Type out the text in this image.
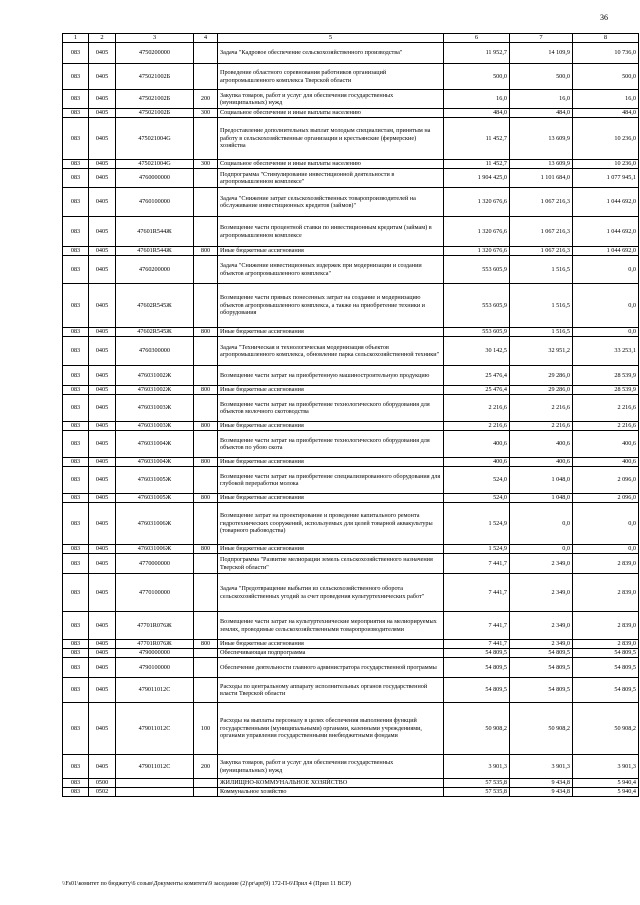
36
1	2	3	4	5	6	7	8
083	0405	4750200000		Задача "Кадровое обеспечение сельскохозяйственного производства"	11 952,7	14 109,9	10 736,0
083	0405	475021002Б		Проведение областного соревнования работников организаций агропромышленного комплекса Тверской области	500,0	500,0	500,0
083	0405	475021002Б	200	Закупка товаров, работ и услуг для обеспечения государственных (муниципальных) нужд	16,0	16,0	16,0
083	0405	475021002Б	300	Социальное обеспечение и иные выплаты населению	484,0	484,0	484,0
083	0405	475021004G		Предоставление дополнительных выплат молодым специалистам, принятым на работу в сельскохозяйственные организации и крестьянские (фермерские) хозяйства	11 452,7	13 609,9	10 236,0
083	0405	475021004G	300	Социальное обеспечение и иные выплаты населению	11 452,7	13 609,9	10 236,0
083	0405	4760000000		Подпрограмма "Стимулирование инвестиционной деятельности в агропромышленном комплексе"	1 904 425,0	1 101 684,0	1 077 945,1
083	0405	4760100000		Задача "Снижение затрат сельскохозяйственных товаропроизводителей на обслуживание инвестиционных кредитов (займов)"	1 320 676,6	1 067 216,3	1 044 692,0
083	0405	47601R544Ж		Возмещение части процентной ставки по инвестиционным кредитам (займам) в агропромышленном комплексе	1 320 676,6	1 067 216,3	1 044 692,0
083	0405	47601R544Ж	800	Иные бюджетные ассигнования	1 320 676,6	1 067 216,3	1 044 692,0
083	0405	4760200000		Задача "Снижение инвестиционных издержек при модернизации и создании объектов агропромышленного комплекса"	553 605,9	1 516,5	0,0
083	0405	47602R545Ж		Возмещение части прямых понесенных затрат на создание и модернизацию объектов агропромышленного комплекса, а также на приобретение техники и оборудования	553 605,9	1 516,5	0,0
083	0405	47602R545Ж	800	Иные бюджетные ассигнования	553 605,9	1 516,5	0,0
083	0405	4760300000		Задача "Техническая и технологическая модернизация объектов агропромышленного комплекса, обновление парка сельскохозяйственной техники"	30 142,5	32 951,2	33 253,1
083	0405	476031002Ж		Возмещение части затрат на приобретенную машиностроительную продукцию	25 476,4	29 286,0	28 539,9
083	0405	476031002Ж	800	Иные бюджетные ассигнования	25 476,4	29 286,0	28 539,9
083	0405	476031003Ж		Возмещение части затрат на приобретение технологического оборудования для объектов молочного скотоводства	2 216,6	2 216,6	2 216,6
083	0405	476031003Ж	800	Иные бюджетные ассигнования	2 216,6	2 216,6	2 216,6
083	0405	476031004Ж		Возмещение части затрат на приобретение технологического оборудования для объектов по убою скота	400,6	400,6	400,6
083	0405	476031004Ж	800	Иные бюджетные ассигнования	400,6	400,6	400,6
083	0405	476031005Ж		Возмещение части затрат на приобретение специализированного оборудования для глубокой переработки молока	524,0	1 048,0	2 096,0
083	0405	476031005Ж	800	Иные бюджетные ассигнования	524,0	1 048,0	2 096,0
083	0405	476031006Ж		Возмещение затрат на проектирование и проведение капитального ремонта гидротехнических сооружений, используемых для целей товарной аквакультуры (товарного рыбоводства)	1 524,9	0,0	0,0
083	0405	476031006Ж	800	Иные бюджетные ассигнования	1 524,9	0,0	0,0
083	0405	4770000000		Подпрограмма "Развитие мелиорации земель сельскохозяйственного назначения Тверской области"	7 441,7	2 349,0	2 839,0
083	0405	4770100000		Задача "Предотвращение выбытия из сельскохозяйственного оборота сельскохозяйственных угодий за счет проведения культуртехнических работ"	7 441,7	2 349,0	2 839,0
083	0405	47701R076Ж		Возмещение части затрат на культуртехнические мероприятия на мелиорируемых землях, проводимые сельскохозяйственными товаропроизводителями	7 441,7	2 349,0	2 839,0
083	0405	47701R076Ж	800	Иные бюджетные ассигнования	7 441,7	2 349,0	2 839,0
083	0405	4790000000		Обеспечивающая подпрограмма	54 809,5	54 809,5	54 809,5
083	0405	4790100000		Обеспечение деятельности главного администратора государственной программы	54 809,5	54 809,5	54 809,5
083	0405	479011012С		Расходы по центральному аппарату исполнительных органов государственной власти Тверской области	54 809,5	54 809,5	54 809,5
083	0405	479011012С	100	Расходы на выплаты персоналу в целях обеспечения выполнения функций государственными (муниципальными) органами, казенными учреждениями, органами управления государственными внебюджетными фондами	50 908,2	50 908,2	50 908,2
083	0405	479011012С	200	Закупка товаров, работ и услуг для обеспечения государственных (муниципальных) нужд	3 901,3	3 901,3	3 901,3
083	0500			ЖИЛИЩНО-КОММУНАЛЬНОЕ ХОЗЯЙСТВО	57 535,8	9 434,8	5 940,4
083	0502			Коммунальное хозяйство	57 535,8	9 434,8	5 940,4
\\Fs01\комитет по бюджету\6 созыв\Документы комитета\9 заседание (2)\pr\apr(9) 172-П-6\Прил 4 (Прил 11 ВСР)
